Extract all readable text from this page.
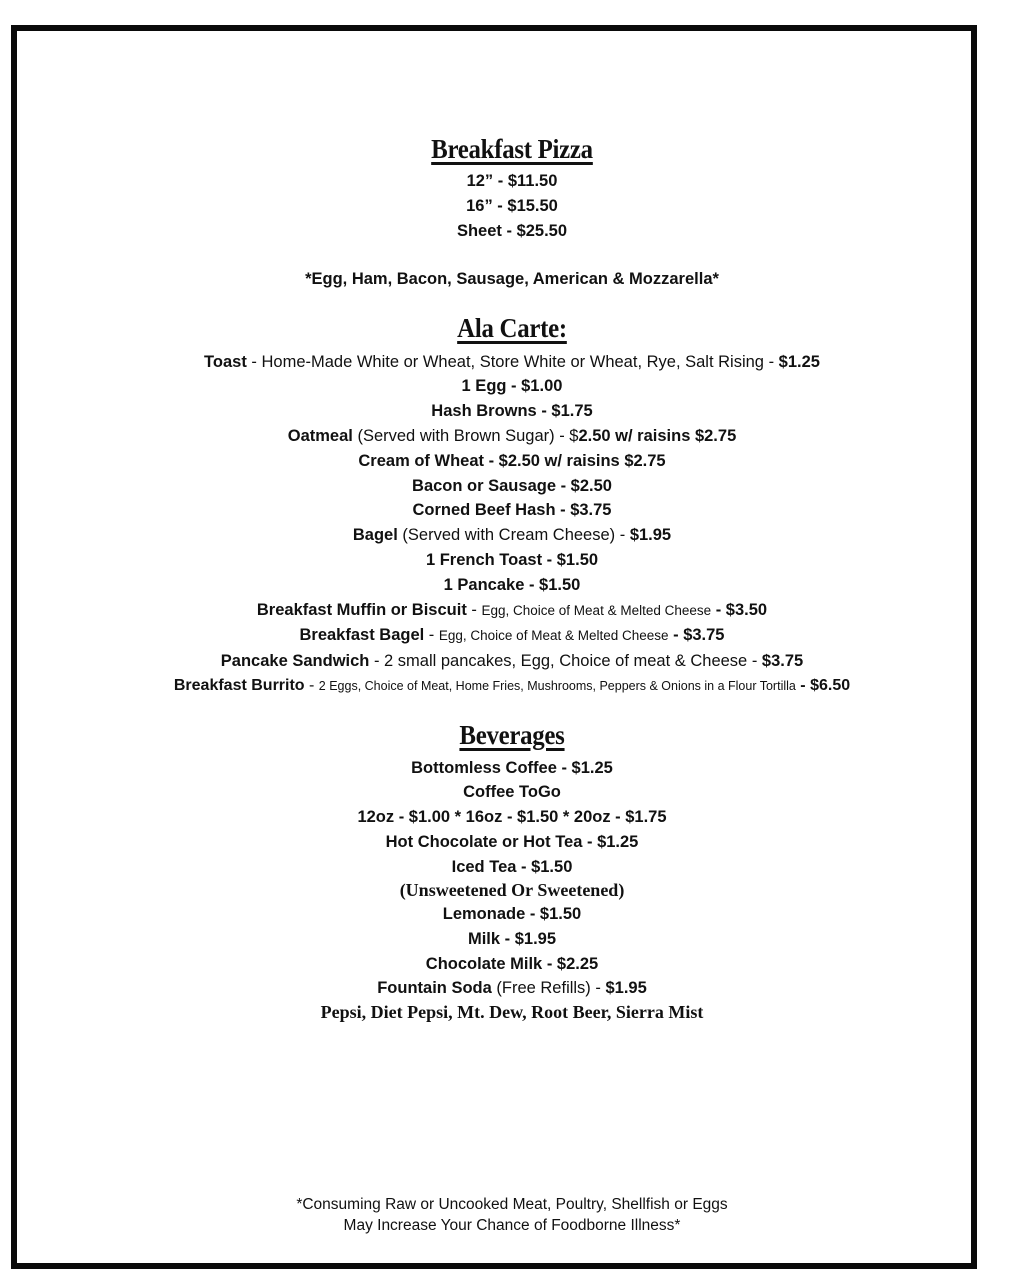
Breakfast Pizza
12” - $11.50
16” - $15.50
Sheet - $25.50
*Egg, Ham, Bacon, Sausage, American & Mozzarella*
Ala Carte:
Toast - Home-Made White or Wheat, Store White or Wheat, Rye, Salt Rising - $1.25
1 Egg - $1.00
Hash Browns - $1.75
Oatmeal (Served with Brown Sugar) - $2.50 w/ raisins $2.75
Cream of Wheat - $2.50 w/ raisins $2.75
Bacon or Sausage - $2.50
Corned Beef Hash - $3.75
Bagel (Served with Cream Cheese) - $1.95
1 French Toast - $1.50
1 Pancake - $1.50
Breakfast Muffin or Biscuit - Egg, Choice of Meat & Melted Cheese - $3.50
Breakfast Bagel - Egg, Choice of Meat & Melted Cheese - $3.75
Pancake Sandwich - 2 small pancakes, Egg, Choice of meat & Cheese - $3.75
Breakfast Burrito - 2 Eggs, Choice of Meat, Home Fries, Mushrooms, Peppers & Onions in a Flour Tortilla - $6.50
Beverages
Bottomless Coffee - $1.25
Coffee ToGo
12oz - $1.00 * 16oz - $1.50 * 20oz - $1.75
Hot Chocolate or Hot Tea - $1.25
Iced Tea - $1.50
(Unsweetened Or Sweetened)
Lemonade - $1.50
Milk - $1.95
Chocolate Milk - $2.25
Fountain Soda (Free Refills) - $1.95
Pepsi, Diet Pepsi, Mt. Dew, Root Beer, Sierra Mist
*Consuming Raw or Uncooked Meat, Poultry, Shellfish or Eggs
May Increase Your Chance of Foodborne Illness*
